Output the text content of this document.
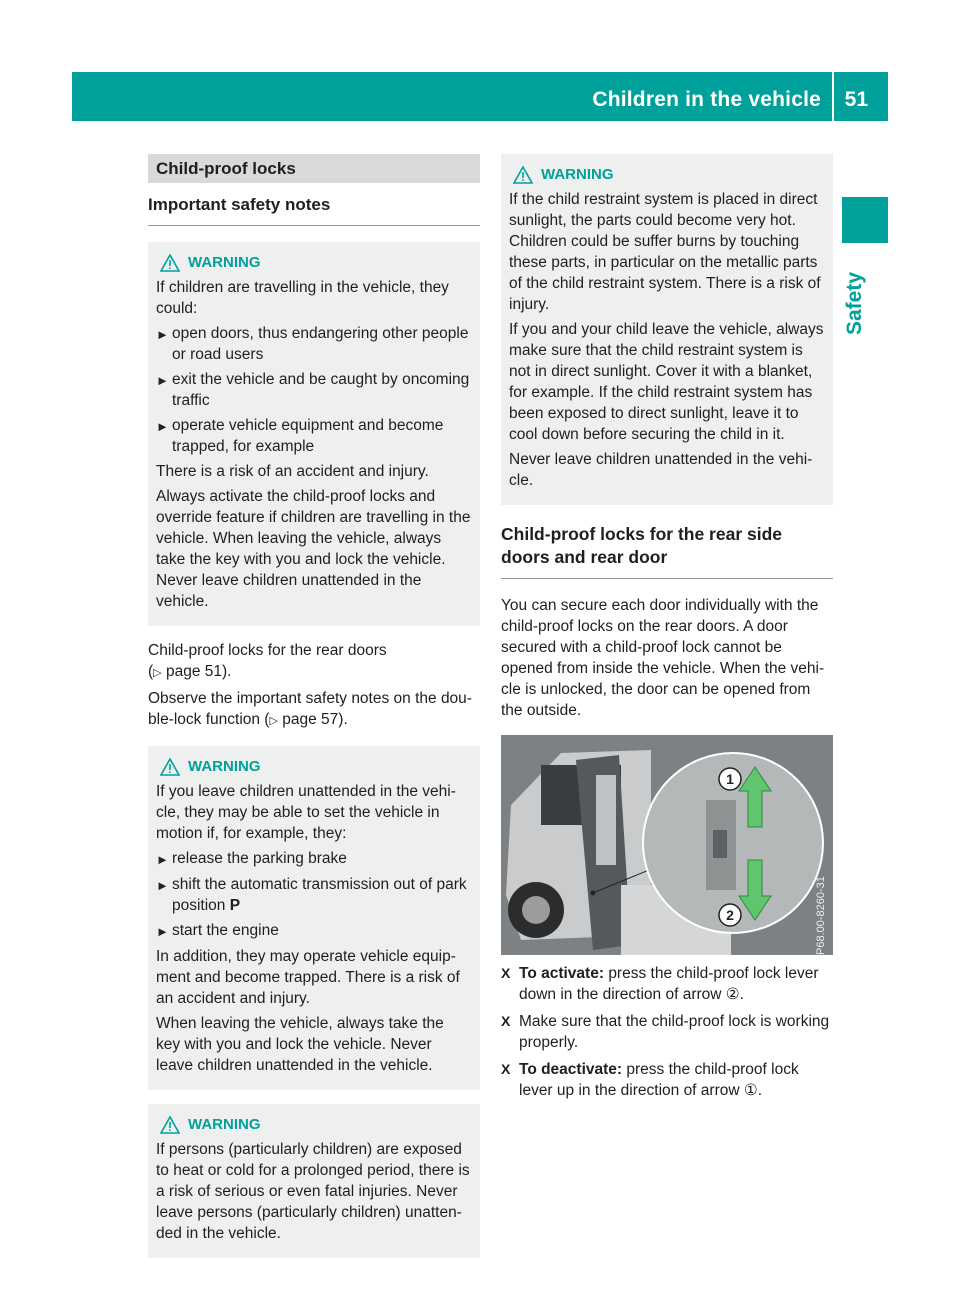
Children in the vehicle 51
Safety
Child-proof locks
Important safety notes
WARNING

If children are travelling in the vehicle, they could:

► open doors, thus endangering other people or road users
► exit the vehicle and be caught by oncoming traffic
► operate vehicle equipment and become trapped, for example

There is a risk of an accident and injury.

Always activate the child-proof locks and override feature if children are travelling in the vehicle. When leaving the vehicle, always take the key with you and lock the vehicle. Never leave children unattended in the vehicle.

Child-proof locks for the rear doors
(▷ page 51).

Observe the important safety notes on the dou-ble-lock function (▷ page 57).

WARNING

If you leave children unattended in the vehi-cle, they may be able to set the vehicle in motion if, for example, they:

► release the parking brake
► shift the automatic transmission out of park position P
► start the engine

In addition, they may operate vehicle equip-ment and become trapped. There is a risk of an accident and injury.

When leaving the vehicle, always take the key with you and lock the vehicle. Never leave children unattended in the vehicle.

WARNING

If persons (particularly children) are exposed to heat or cold for a prolonged period, there is a risk of serious or even fatal injuries. Never leave persons (particularly children) unatten-ded in the vehicle.

WARNING

If the child restraint system is placed in direct sunlight, the parts could become very hot. Children could be suffer burns by touching these parts, in particular on the metallic parts of the child restraint system. There is a risk of injury.

If you and your child leave the vehicle, always make sure that the child restraint system is not in direct sunlight. Cover it with a blanket, for example. If the child restraint system has been exposed to direct sunlight, leave it to cool down before securing the child in it.

Never leave children unattended in the vehi-cle.

Child-proof locks for the rear side doors and rear door

You can secure each door individually with the child-proof locks on the rear doors. A door secured with a child-proof lock cannot be opened from inside the vehicle. When the vehi-cle is unlocked, the door can be opened from the outside.

1
2	P68.00-8260-31
X To activate: press the child-proof lock lever down in the direction of arrow ②.
X Make sure that the child-proof lock is working properly.
X To deactivate: press the child-proof lock lever up in the direction of arrow ①.
